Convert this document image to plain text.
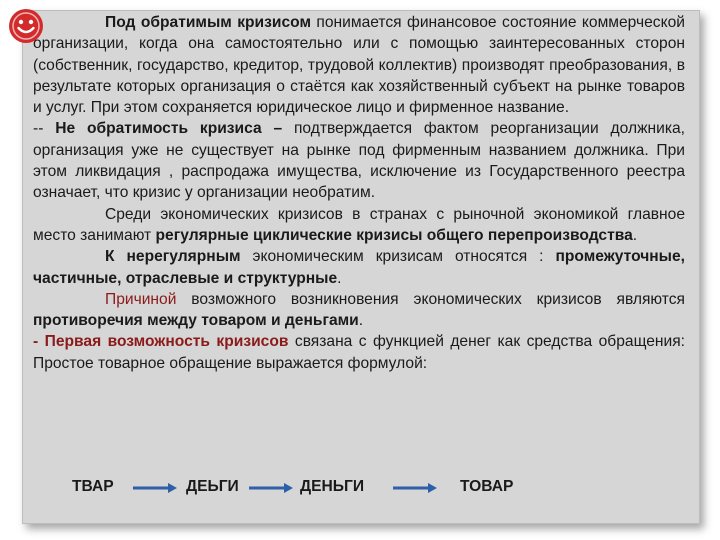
Под обратимым кризисом понимается финансовое состояние коммерческой организации, когда она самостоятельно или с помощью заинтересованных сторон (собственник, государство, кредитор, трудовой коллектив) производят преобразования, в результате которых организация о стаётся как хозяйственный субъект на рынке товаров и услуг. При этом сохраняется юридическое лицо и фирменное название.

-- Не обратимость кризиса – подтверждается фактом реорганизации должника, организация уже не существует на рынке под фирменным названием должника. При этом ликвидация , распродажа имущества, исключение из Государственного реестра означает, что кризис у организации необратим.

Среди экономических кризисов в странах с рыночной экономикой главное место занимают регулярные циклические кризисы общего перепроизводства.

К нерегулярным экономическим кризисам относятся : промежуточные, частичные, отраслевые и структурные.

Причиной возможного возникновения экономических кризисов являются противоречия между товаром и деньгами.

- Первая возможность кризисов связана с функцией денег как средства обращения: Простое товарное обращение выражается формулой:

ТВАР	ДЕЬГИ	ДЕНЬГИ	ТОВАР
